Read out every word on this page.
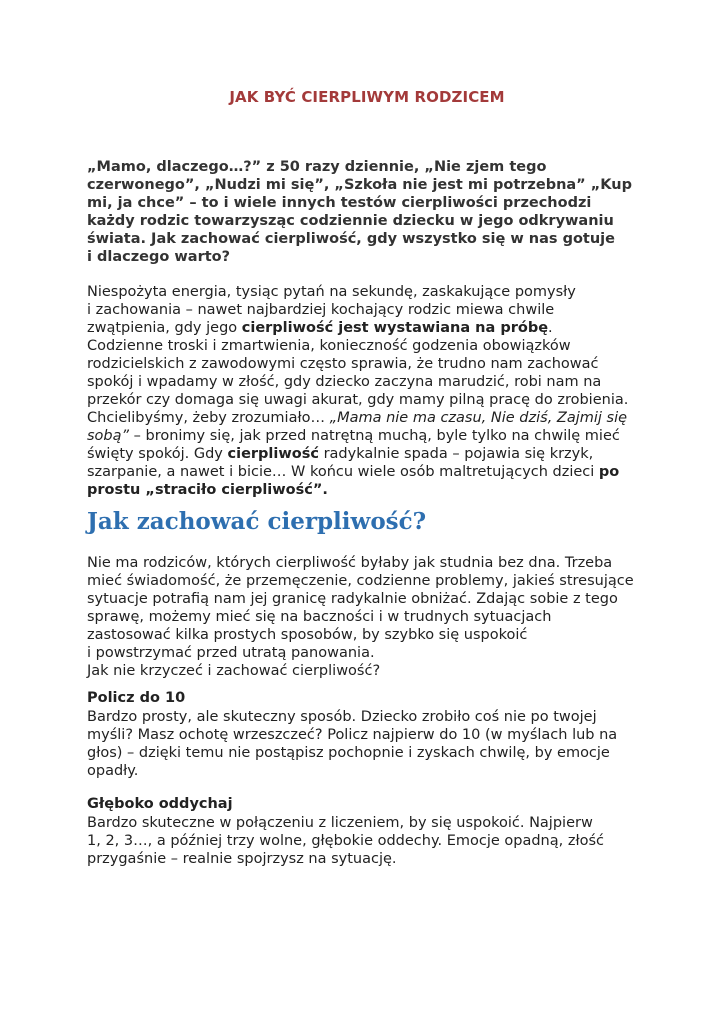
JAK BYĆ CIERPLIWYM RODZICEM
„Mamo, dlaczego…?” z 50 razy dziennie, „Nie zjem tego
czerwonego”, „Nudzi mi się”, „Szkoła nie jest mi potrzebna” „Kup
mi, ja chce” – to i wiele innych testów cierpliwości przechodzi
każdy rodzic towarzysząc codziennie dziecku w jego odkrywaniu
świata. Jak zachować cierpliwość, gdy wszystko się w nas gotuje
i dlaczego warto?
Niespożyta energia, tysiąc pytań na sekundę, zaskakujące pomysły
i zachowania – nawet najbardziej kochający rodzic miewa chwile
zwątpienia, gdy jego cierpliwość jest wystawiana na próbę.
Codzienne troski i zmartwienia, konieczność godzenia obowiązków
rodzicielskich z zawodowymi często sprawia, że trudno nam zachować
spokój i wpadamy w złość, gdy dziecko zaczyna marudzić, robi nam na
przekór czy domaga się uwagi akurat, gdy mamy pilną pracę do zrobienia.
Chcielibyśmy, żeby zrozumiało… „Mama nie ma czasu, Nie dziś, Zajmij się
sobą” – bronimy się, jak przed natrętną muchą, byle tylko na chwilę mieć
święty spokój. Gdy cierpliwość radykalnie spada – pojawia się krzyk,
szarpanie, a nawet i bicie… W końcu wiele osób maltretujących dzieci po
prostu „straciło cierpliwość”.
Jak zachować cierpliwość?
Nie ma rodziców, których cierpliwość byłaby jak studnia bez dna. Trzeba
mieć świadomość, że przemęczenie, codzienne problemy, jakieś stresujące
sytuacje potrafią nam jej granicę radykalnie obniżać. Zdając sobie z tego
sprawę, możemy mieć się na baczności i w trudnych sytuacjach
zastosować kilka prostych sposobów, by szybko się uspokoić
i powstrzymać przed utratą panowania.
Jak nie krzyczeć i zachować cierpliwość?
Policz do 10
Bardzo prosty, ale skuteczny sposób. Dziecko zrobiło coś nie po twojej
myśli? Masz ochotę wrzeszczeć? Policz najpierw do 10 (w myślach lub na
głos) – dzięki temu nie postąpisz pochopnie i zyskach chwilę, by emocje
opadły.
Głęboko oddychaj
Bardzo skuteczne w połączeniu z liczeniem, by się uspokoić. Najpierw
1, 2, 3…, a później trzy wolne, głębokie oddechy. Emocje opadną, złość
przygaśnie – realnie spojrzysz na sytuację.
